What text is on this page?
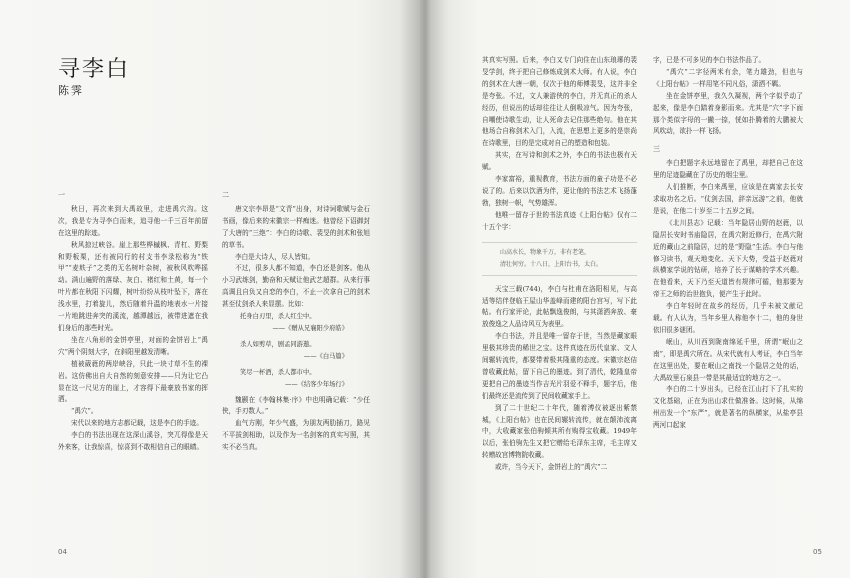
寻李白
陈霁

一

秋日，再次来到大禹故里，走进禹穴沟。这次，我是专为寻李白而来，追寻他一千三百年前留在这里的踪迹。

秋风掠过峡谷。崖上那些桦槭枫、青杠、野梨和野板栗，还有被同行的村支书李录松称为“铁甲”“麦麸子”之类的无名树叶杂树，被秋风吹哗摇动。满山遍野的落绿、灰白、褚红和土黄，每一个叶片都在秋阳下闪耀，树叶纷纷从枝叶坠下，落在浅水里，打着旋儿，然后随着升温的地表水一片接一片地跳进奔突的溪流，越潭越远，被带进遮在我们身后的那些时光。

坐在八角形的金饼亭里，对面的金饼岩上“禹穴”两个阴刻大字，在斜阳里越发清晰。

植被葳蕤的两岸峡谷，只此一块寸草不生的裸岩。这仿佛出自大自然的刻意安排——只为让它凸显在这一尺见方的崖上，才容得下最豪放书家的挥洒。

“禹穴”。

宋代以来的地方志都记载，这是李白的手迹。

李白的书法出现在这深山溪谷，突兀得像是天外来客，让我惊喜，惊喜到不敢相信自己的眼睛。

二

唐文宗李昂是“文青”出身，对诗词歌赋与金石书画，像后来的宋徽宗一样痴迷。他曾经下诏御封了大唐的“三绝”：李白的诗歌、裴旻的剑术和张旭的草书。

李白是大诗人，尽人皆知。

不过，很多人都不知道，李白还是剑客。他从小习武练剑，勤奋和天赋让他武艺超群。从来行事高调且自负又自恋的李白，不止一次拿自己的剑术甚至仗剑杀人来显摆。比如：

托身白刃里，杀人红尘中。

——《赠从兄襄阳少府皓》

杀人如剪草，剧孟同游遨。

——《白马篇》

笑尽一杯酒，杀人都市中。

——《结客少年场行》

魏颢在《李翰林集·序》中也明确记载：“少任侠，手刃数人。”

血气方刚，年少气盛，为朋友两肋插刀，路见不平拔剑相助，以及作为一名剑客的真实写照，其实不必当真。

04

其真实写照。后来，李白又专门向住在山东琅琊的裴旻学剑，终于把自己修炼成剑术大师。有人说，李白的剑术在大唐一朝，仅次于他的师傅裴旻，这并非全是夸张。不过，文人兼游侠的李白，并无真正的杀人经历，但说出的话却往往让人倒吸凉气。因为夸张，自嘲使诗歌生动，让人死命去记住那些绝句。他在其他场合自称剑术入门，入流，在思想上更多的是崇尚在诗歌里，目的是完成对自己的塑造和包装。

其实，在写诗和剑术之外，李白的书法也极有天赋。

李家富裕，重视教育，书法方面的童子功是不必说了的。后来以饮酒为伴，更让他的书法艺术飞扬蓬勃，独树一帜，气势雄浑。

他唯一留存于世的书法真迹《上阳台帖》仅有二十五个字：

山高水长，物象千万，非有老笔，
清壮何穷。十八日，上阳台书，太白。

天宝三载(744)，李白与杜甫在洛阳相见，与高适等结伴登临王屋山华盖峰而建的阳台宫写，写下此帖。有行家评论，此帖飘逸俊朗，与其潇洒奔放、豪放俊逸之人品诗风互为表里。

李白书法，并且是唯一留存于世，当然是藏家眼里极其珍贵的稀世之宝。这件真迹在历代皇家、文人间辗转流传，都要带着极其隆重的态度。宋徽宗赵佶曾收藏此帖，留下自己的墨迹。到了清代，乾隆皇帝更把自己的墨迹当作吉光片羽爱不释手，题字后，他们最终还是流传到了民间收藏家手上。

到了二十世纪二十年代，随着溥仪被逐出紫禁城，《上阳台帖》也在民间辗转流传，就在颠沛流离中，大收藏家张伯驹倾其所有购得宝收藏。1949年以后，张伯驹先生又把它赠给毛泽东主席，毛主席又转赠故宫博物院收藏。

或许，当今天下，金饼岩上的“禹穴”二

字，已是不可多见的李白书法作品了。

“禹穴”二字径两米有余，笔力雄劲，但也与《上阳台帖》一样用笔不同凡俗，潇洒不羁。

坐在金饼亭里，我久久凝视，两个字似乎动了起来，像是李白踏着身影而来。尤其是“穴”字下面那个类似字母的一撇一捺，恍如扑腾着的大鹏被大风吹动，欲扑一样飞扬。

三

李白把题字永远地留在了禹里，却把自己在这里的足迹隐藏在了历史的烟尘里。

人们推断，李白来禹里，应该是在离家去长安求取功名之后。“仗剑去国，辞亲远游”之前，他就是说，在他二十岁至二十五岁之间。

《北川县志》记载：当年隐居山野的赵蕤，以隐居长安时书庙隐居，在禹穴附近修行，在禹穴附近的藏山之前隐居，过的是“野隐”生活。李白与他修习读书，观天地变化、天下大势，受益于赵蕤对纵横家学说的钻研，培养了长于谋略的学术兴趣。在他看来，天下乃至天道皆有规律可循，他那要为帝王之师的治世抱负，便产生于此时。

李白年轻时在故乡的经历，几乎未被文献记载。有人认为，当年乡里人称他李十二，他的身世依旧很多谜团。

岷山，从川西到陇南绵延千里，所谓“岷山之南”，即是禹穴所在。从宋代就有人考证，李白当年在这里出处，要在岷山之南找一个隐居之处的话，大禹故里石泉县一带是其最适宜的地方之一。

李白的二十岁出头，已经在江山打下了扎实的文化基础，正在为出山求仕做准备。这时候，从绵州出发一个“东严”，就是著名的纵横家，从盐亭县两河口起家

05
